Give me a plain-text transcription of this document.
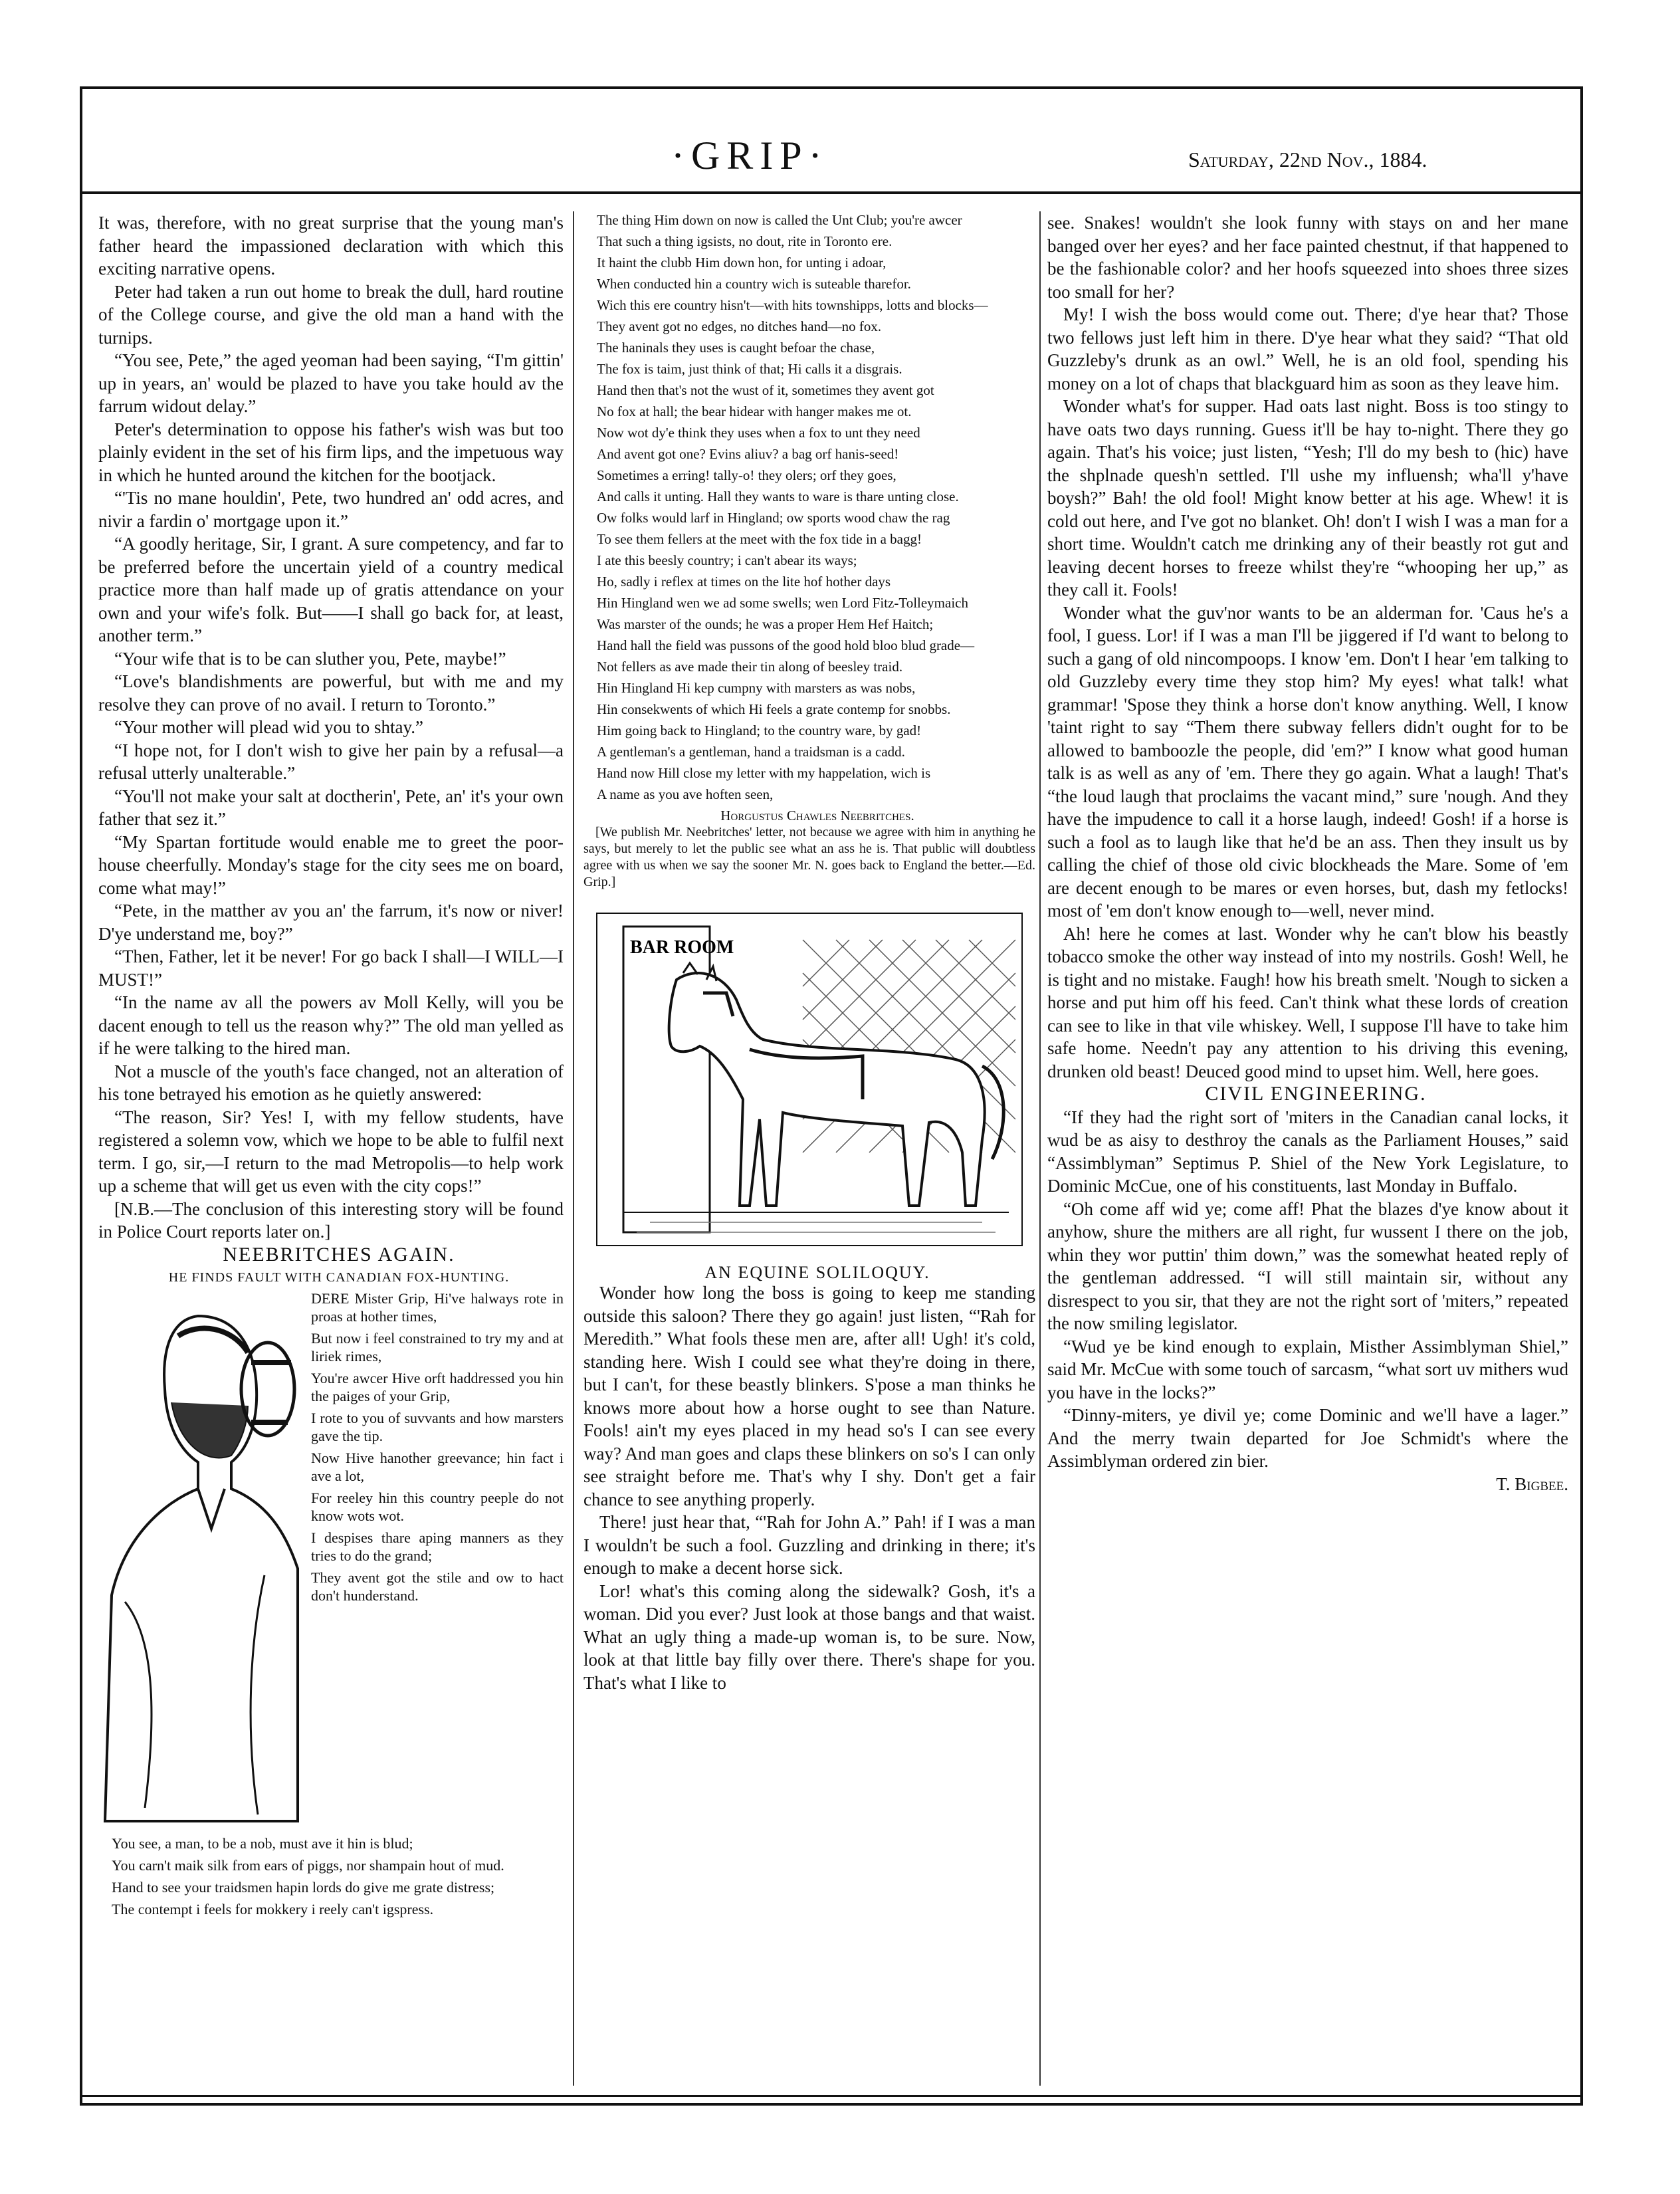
·GRIP·	Saturday, 22nd Nov., 1884.

It was, therefore, with no great surprise that the young man's father heard the impassioned declaration with which this exciting narrative opens.

Peter had taken a run out home to break the dull, hard routine of the College course, and give the old man a hand with the turnips.

“You see, Pete,” the aged yeoman had been saying, “I'm gittin' up in years, an' would be plazed to have you take hould av the farrum widout delay.”

Peter's determination to oppose his father's wish was but too plainly evident in the set of his firm lips, and the impetuous way in which he hunted around the kitchen for the bootjack.

“'Tis no mane houldin', Pete, two hundred an' odd acres, and nivir a fardin o' mortgage upon it.”

“A goodly heritage, Sir, I grant. A sure competency, and far to be preferred before the uncertain yield of a country medical practice more than half made up of gratis attendance on your own and your wife's folk. But——I shall go back for, at least, another term.”

“Your wife that is to be can sluther you, Pete, maybe!”

“Love's blandishments are powerful, but with me and my resolve they can prove of no avail. I return to Toronto.”

“Your mother will plead wid you to shtay.”

“I hope not, for I don't wish to give her pain by a refusal—a refusal utterly unalterable.”

“You'll not make your salt at doctherin', Pete, an' it's your own father that sez it.”

“My Spartan fortitude would enable me to greet the poor-house cheerfully. Monday's stage for the city sees me on board, come what may!”

“Pete, in the matther av you an' the farrum, it's now or niver! D'ye understand me, boy?”

“Then, Father, let it be never! For go back I shall—I WILL—I MUST!”

“In the name av all the powers av Moll Kelly, will you be dacent enough to tell us the reason why?” The old man yelled as if he were talking to the hired man.

Not a muscle of the youth's face changed, not an alteration of his tone betrayed his emotion as he quietly answered:

“The reason, Sir? Yes! I, with my fellow students, have registered a solemn vow, which we hope to be able to fulfil next term. I go, sir,—I return to the mad Metropolis—to help work up a scheme that will get us even with the city cops!”

[N.B.—The conclusion of this interesting story will be found in Police Court reports later on.]

NEEBRITCHES AGAIN.

HE FINDS FAULT WITH CANADIAN FOX-HUNTING.

DERE Mister Grip, Hi've halways rote in proas at hother times,

But now i feel constrained to try my and at liriek rimes,

You're awcer Hive orft haddressed you hin the paiges of your Grip,

I rote to you of suvvants and how marsters gave the tip.

Now Hive hanother greevance; hin fact i ave a lot,

For reeley hin this country peeple do not know wots wot.

I despises thare aping manners as they tries to do the grand;

They avent got the stile and ow to hact don't hunderstand.

You see, a man, to be a nob, must ave it hin is blud;

You carn't maik silk from ears of piggs, nor shampain hout of mud.

Hand to see your traidsmen hapin lords do give me grate distress;

The contempt i feels for mokkery i reely can't igspress.

The thing Him down on now is called the Unt Club; you're awcer

That such a thing igsists, no dout, rite in Toronto ere.

It haint the clubb Him down hon, for unting i adoar,

When conducted hin a country wich is suteable tharefor.

Wich this ere country hisn't—with hits townshipps, lotts and blocks—

They avent got no edges, no ditches hand—no fox.

The haninals they uses is caught befoar the chase,

The fox is taim, just think of that; Hi calls it a disgrais.

Hand then that's not the wust of it, sometimes they avent got

No fox at hall; the bear hidear with hanger makes me ot.

Now wot dy'e think they uses when a fox to unt they need

And avent got one? Evins aliuv? a bag orf hanis-seed!

Sometimes a erring! tally-o! they olers; orf they goes,

And calls it unting. Hall they wants to ware is thare unting close.

Ow folks would larf in Hingland; ow sports wood chaw the rag

To see them fellers at the meet with the fox tide in a bagg!

I ate this beesly country; i can't abear its ways;

Ho, sadly i reflex at times on the lite hof hother days

Hin Hingland wen we ad some swells; wen Lord Fitz-Tolleymaich

Was marster of the ounds; he was a proper Hem Hef Haitch;

Hand hall the field was pussons of the good hold bloo blud grade—

Not fellers as ave made their tin along of beesley traid.

Hin Hingland Hi kep cumpny with marsters as was nobs,

Hin consekwents of which Hi feels a grate contemp for snobbs.

Him going back to Hingland; to the country ware, by gad!

A gentleman's a gentleman, hand a traidsman is a cadd.

Hand now Hill close my letter with my happelation, wich is

A name as you ave hoften seen,

Horgustus Chawles Neebritches.

[We publish Mr. Neebritches' letter, not because we agree with him in anything he says, but merely to let the public see what an ass he is. That public will doubtless agree with us when we say the sooner Mr. N. goes back to England the better.—Ed. Grip.]

BAR ROOM

AN EQUINE SOLILOQUY.

Wonder how long the boss is going to keep me standing outside this saloon? There they go again! just listen, “'Rah for Meredith.” What fools these men are, after all! Ugh! it's cold, standing here. Wish I could see what they're doing in there, but I can't, for these beastly blinkers. S'pose a man thinks he knows more about how a horse ought to see than Nature. Fools! ain't my eyes placed in my head so's I can see every way? And man goes and claps these blinkers on so's I can only see straight before me. That's why I shy. Don't get a fair chance to see anything properly.

There! just hear that, “'Rah for John A.” Pah! if I was a man I wouldn't be such a fool. Guzzling and drinking in there; it's enough to make a decent horse sick.

Lor! what's this coming along the sidewalk? Gosh, it's a woman. Did you ever? Just look at those bangs and that waist. What an ugly thing a made-up woman is, to be sure. Now, look at that little bay filly over there. There's shape for you. That's what I like to

see. Snakes! wouldn't she look funny with stays on and her mane banged over her eyes? and her face painted chestnut, if that happened to be the fashionable color? and her hoofs squeezed into shoes three sizes too small for her?

My! I wish the boss would come out. There; d'ye hear that? Those two fellows just left him in there. D'ye hear what they said? “That old Guzzleby's drunk as an owl.” Well, he is an old fool, spending his money on a lot of chaps that blackguard him as soon as they leave him.

Wonder what's for supper. Had oats last night. Boss is too stingy to have oats two days running. Guess it'll be hay to-night. There they go again. That's his voice; just listen, “Yesh; I'll do my besh to (hic) have the shplnade quesh'n settled. I'll ushe my influensh; wha'll y'have boysh?” Bah! the old fool! Might know better at his age. Whew! it is cold out here, and I've got no blanket. Oh! don't I wish I was a man for a short time. Wouldn't catch me drinking any of their beastly rot gut and leaving decent horses to freeze whilst they're “whooping her up,” as they call it. Fools!

Wonder what the guv'nor wants to be an alderman for. 'Caus he's a fool, I guess. Lor! if I was a man I'll be jiggered if I'd want to belong to such a gang of old nincompoops. I know 'em. Don't I hear 'em talking to old Guzzleby every time they stop him? My eyes! what talk! what grammar! 'Spose they think a horse don't know anything. Well, I know 'taint right to say “Them there subway fellers didn't ought for to be allowed to bamboozle the people, did 'em?” I know what good human talk is as well as any of 'em. There they go again. What a laugh! That's “the loud laugh that proclaims the vacant mind,” sure 'nough. And they have the impudence to call it a horse laugh, indeed! Gosh! if a horse is such a fool as to laugh like that he'd be an ass. Then they insult us by calling the chief of those old civic blockheads the Mare. Some of 'em are decent enough to be mares or even horses, but, dash my fetlocks! most of 'em don't know enough to—well, never mind.

Ah! here he comes at last. Wonder why he can't blow his beastly tobacco smoke the other way instead of into my nostrils. Gosh! Well, he is tight and no mistake. Faugh! how his breath smelt. 'Nough to sicken a horse and put him off his feed. Can't think what these lords of creation can see to like in that vile whiskey. Well, I suppose I'll have to take him safe home. Needn't pay any attention to his driving this evening, drunken old beast! Deuced good mind to upset him. Well, here goes.

CIVIL ENGINEERING.

“If they had the right sort of 'miters in the Canadian canal locks, it wud be as aisy to desthroy the canals as the Parliament Houses,” said “Assimblyman” Septimus P. Shiel of the New York Legislature, to Dominic McCue, one of his constituents, last Monday in Buffalo.

“Oh come aff wid ye; come aff! Phat the blazes d'ye know about it anyhow, shure the mithers are all right, fur wussent I there on the job, whin they wor puttin' thim down,” was the somewhat heated reply of the gentleman addressed. “I will still maintain sir, without any disrespect to you sir, that they are not the right sort of 'miters,” repeated the now smiling legislator.

“Wud ye be kind enough to explain, Misther Assimblyman Shiel,” said Mr. McCue with some touch of sarcasm, “what sort uv mithers wud you have in the locks?”

“Dinny-miters, ye divil ye; come Dominic and we'll have a lager.” And the merry twain departed for Joe Schmidt's where the Assimblyman ordered zin bier.

T. Bigbee.
